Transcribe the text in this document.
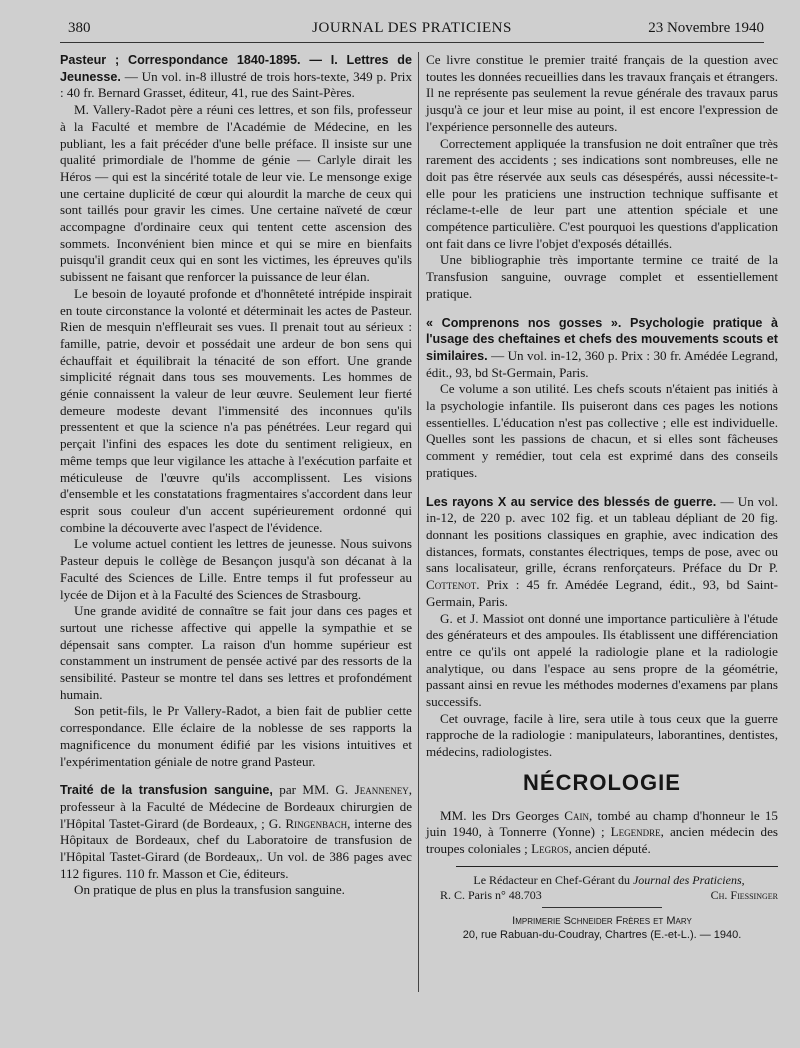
380	JOURNAL DES PRATICIENS	23 Novembre 1940

Pasteur ; Correspondance 1840-1895. — I. Lettres de Jeunesse. — Un vol. in-8 illustré de trois hors-texte, 349 p. Prix : 40 fr. Bernard Grasset, éditeur, 41, rue des Saint-Pères.

M. Vallery-Radot père a réuni ces lettres, et son fils, professeur à la Faculté et membre de l'Académie de Médecine, en les publiant, les a fait précéder d'une belle préface. Il insiste sur une qualité primordiale de l'homme de génie — Carlyle dirait les Héros — qui est la sincérité totale de leur vie. Le mensonge exige une certaine duplicité de cœur qui alourdit la marche de ceux qui sont taillés pour gravir les cimes. Une certaine naïveté de cœur accompagne d'ordinaire ceux qui tentent cette ascension des sommets. Inconvénient bien mince et qui se mire en bienfaits puisqu'il grandit ceux qui en sont les victimes, les épreuves qu'ils subissent ne faisant que renforcer la puissance de leur élan.

Le besoin de loyauté profonde et d'honnêteté intrépide inspirait en toute circonstance la volonté et déterminait les actes de Pasteur. Rien de mesquin n'effleurait ses vues. Il prenait tout au sérieux : famille, patrie, devoir et possédait une ardeur de bon sens qui échauffait et équilibrait la ténacité de son effort. Une grande simplicité régnait dans tous ses mouvements. Les hommes de génie connaissent la valeur de leur œuvre. Seulement leur fierté demeure modeste devant l'immensité des inconnues qu'ils pressentent et que la science n'a pas pénétrées. Leur regard qui perçait l'infini des espaces les dote du sentiment religieux, en même temps que leur vigilance les attache à l'exécution parfaite et méticuleuse de l'œuvre qu'ils accomplissent. Les visions d'ensemble et les constatations fragmentaires s'accordent dans leur esprit sous couleur d'un accent supérieurement ordonné qui combine la découverte avec l'aspect de l'évidence.

Le volume actuel contient les lettres de jeunesse. Nous suivons Pasteur depuis le collège de Besançon jusqu'à son décanat à la Faculté des Sciences de Lille. Entre temps il fut professeur au lycée de Dijon et à la Faculté des Sciences de Strasbourg.

Une grande avidité de connaître se fait jour dans ces pages et surtout une richesse affective qui appelle la sympathie et se dépensait sans compter. La raison d'un homme supérieur est constamment un instrument de pensée activé par des ressorts de la sensibilité. Pasteur se montre tel dans ses lettres et profondément humain.

Son petit-fils, le Pr Vallery-Radot, a bien fait de publier cette correspondance. Elle éclaire de la noblesse de ses rapports la magnificence du monument édifié par les visions intuitives et l'expérimentation géniale de notre grand Pasteur.

Traité de la transfusion sanguine, par MM. G. Jeanneney, professeur à la Faculté de Médecine de Bordeaux chirurgien de l'Hôpital Tastet-Girard (de Bordeaux, ; G. Ringenbach, interne des Hôpitaux de Bordeaux, chef du Laboratoire de transfusion de l'Hôpital Tastet-Girard (de Bordeaux,. Un vol. de 386 pages avec 112 figures. 110 fr. Masson et Cie, éditeurs.

On pratique de plus en plus la transfusion sanguine.

Ce livre constitue le premier traité français de la question avec toutes les données recueillies dans les travaux français et étrangers. Il ne représente pas seulement la revue générale des travaux parus jusqu'à ce jour et leur mise au point, il est encore l'expression de l'expérience personnelle des auteurs.

Correctement appliquée la transfusion ne doit entraîner que très rarement des accidents ; ses indications sont nombreuses, elle ne doit pas être réservée aux seuls cas désespérés, aussi nécessite-t-elle pour les praticiens une instruction technique suffisante et réclame-t-elle de leur part une attention spéciale et une compétence particulière. C'est pourquoi les questions d'application ont fait dans ce livre l'objet d'exposés détaillés.

Une bibliographie très importante termine ce traité de la Transfusion sanguine, ouvrage complet et essentiellement pratique.

« Comprenons nos gosses ». Psychologie pratique à l'usage des cheftaines et chefs des mouvements scouts et similaires. — Un vol. in-12, 360 p. Prix : 30 fr. Amédée Legrand, édit., 93, bd St-Germain, Paris.

Ce volume a son utilité. Les chefs scouts n'étaient pas initiés à la psychologie infantile. Ils puiseront dans ces pages les notions essentielles. L'éducation n'est pas collective ; elle est individuelle. Quelles sont les passions de chacun, et si elles sont fâcheuses comment y remédier, tout cela est exprimé dans des conseils pratiques.

Les rayons X au service des blessés de guerre. — Un vol. in-12, de 220 p. avec 102 fig. et un tableau dépliant de 20 fig. donnant les positions classiques en graphie, avec indication des distances, formats, constantes électriques, temps de pose, avec ou sans localisateur, grille, écrans renforçateurs. Préface du Dr P. Cottenot. Prix : 45 fr. Amédée Legrand, édit., 93, bd Saint-Germain, Paris.

G. et J. Massiot ont donné une importance particulière à l'étude des générateurs et des ampoules. Ils établissent une différenciation entre ce qu'ils ont appelé la radiologie plane et la radiologie analytique, ou dans l'espace au sens propre de la géométrie, passant ainsi en revue les méthodes modernes d'examens par plans successifs.

Cet ouvrage, facile à lire, sera utile à tous ceux que la guerre rapproche de la radiologie : manipulateurs, laborantines, dentistes, médecins, radiologistes.

NÉCROLOGIE

MM. les Drs Georges Cain, tombé au champ d'honneur le 15 juin 1940, à Tonnerre (Yonne) ; Legendre, ancien médecin des troupes coloniales ; Legros, ancien député.

Le Rédacteur en Chef-Gérant du Journal des Praticiens,
R. C. Paris n° 48.703	Ch. Fiessinger
Imprimerie Schneider Frères et Mary
20, rue Rabuan-du-Coudray, Chartres (E.-et-L.). — 1940.
